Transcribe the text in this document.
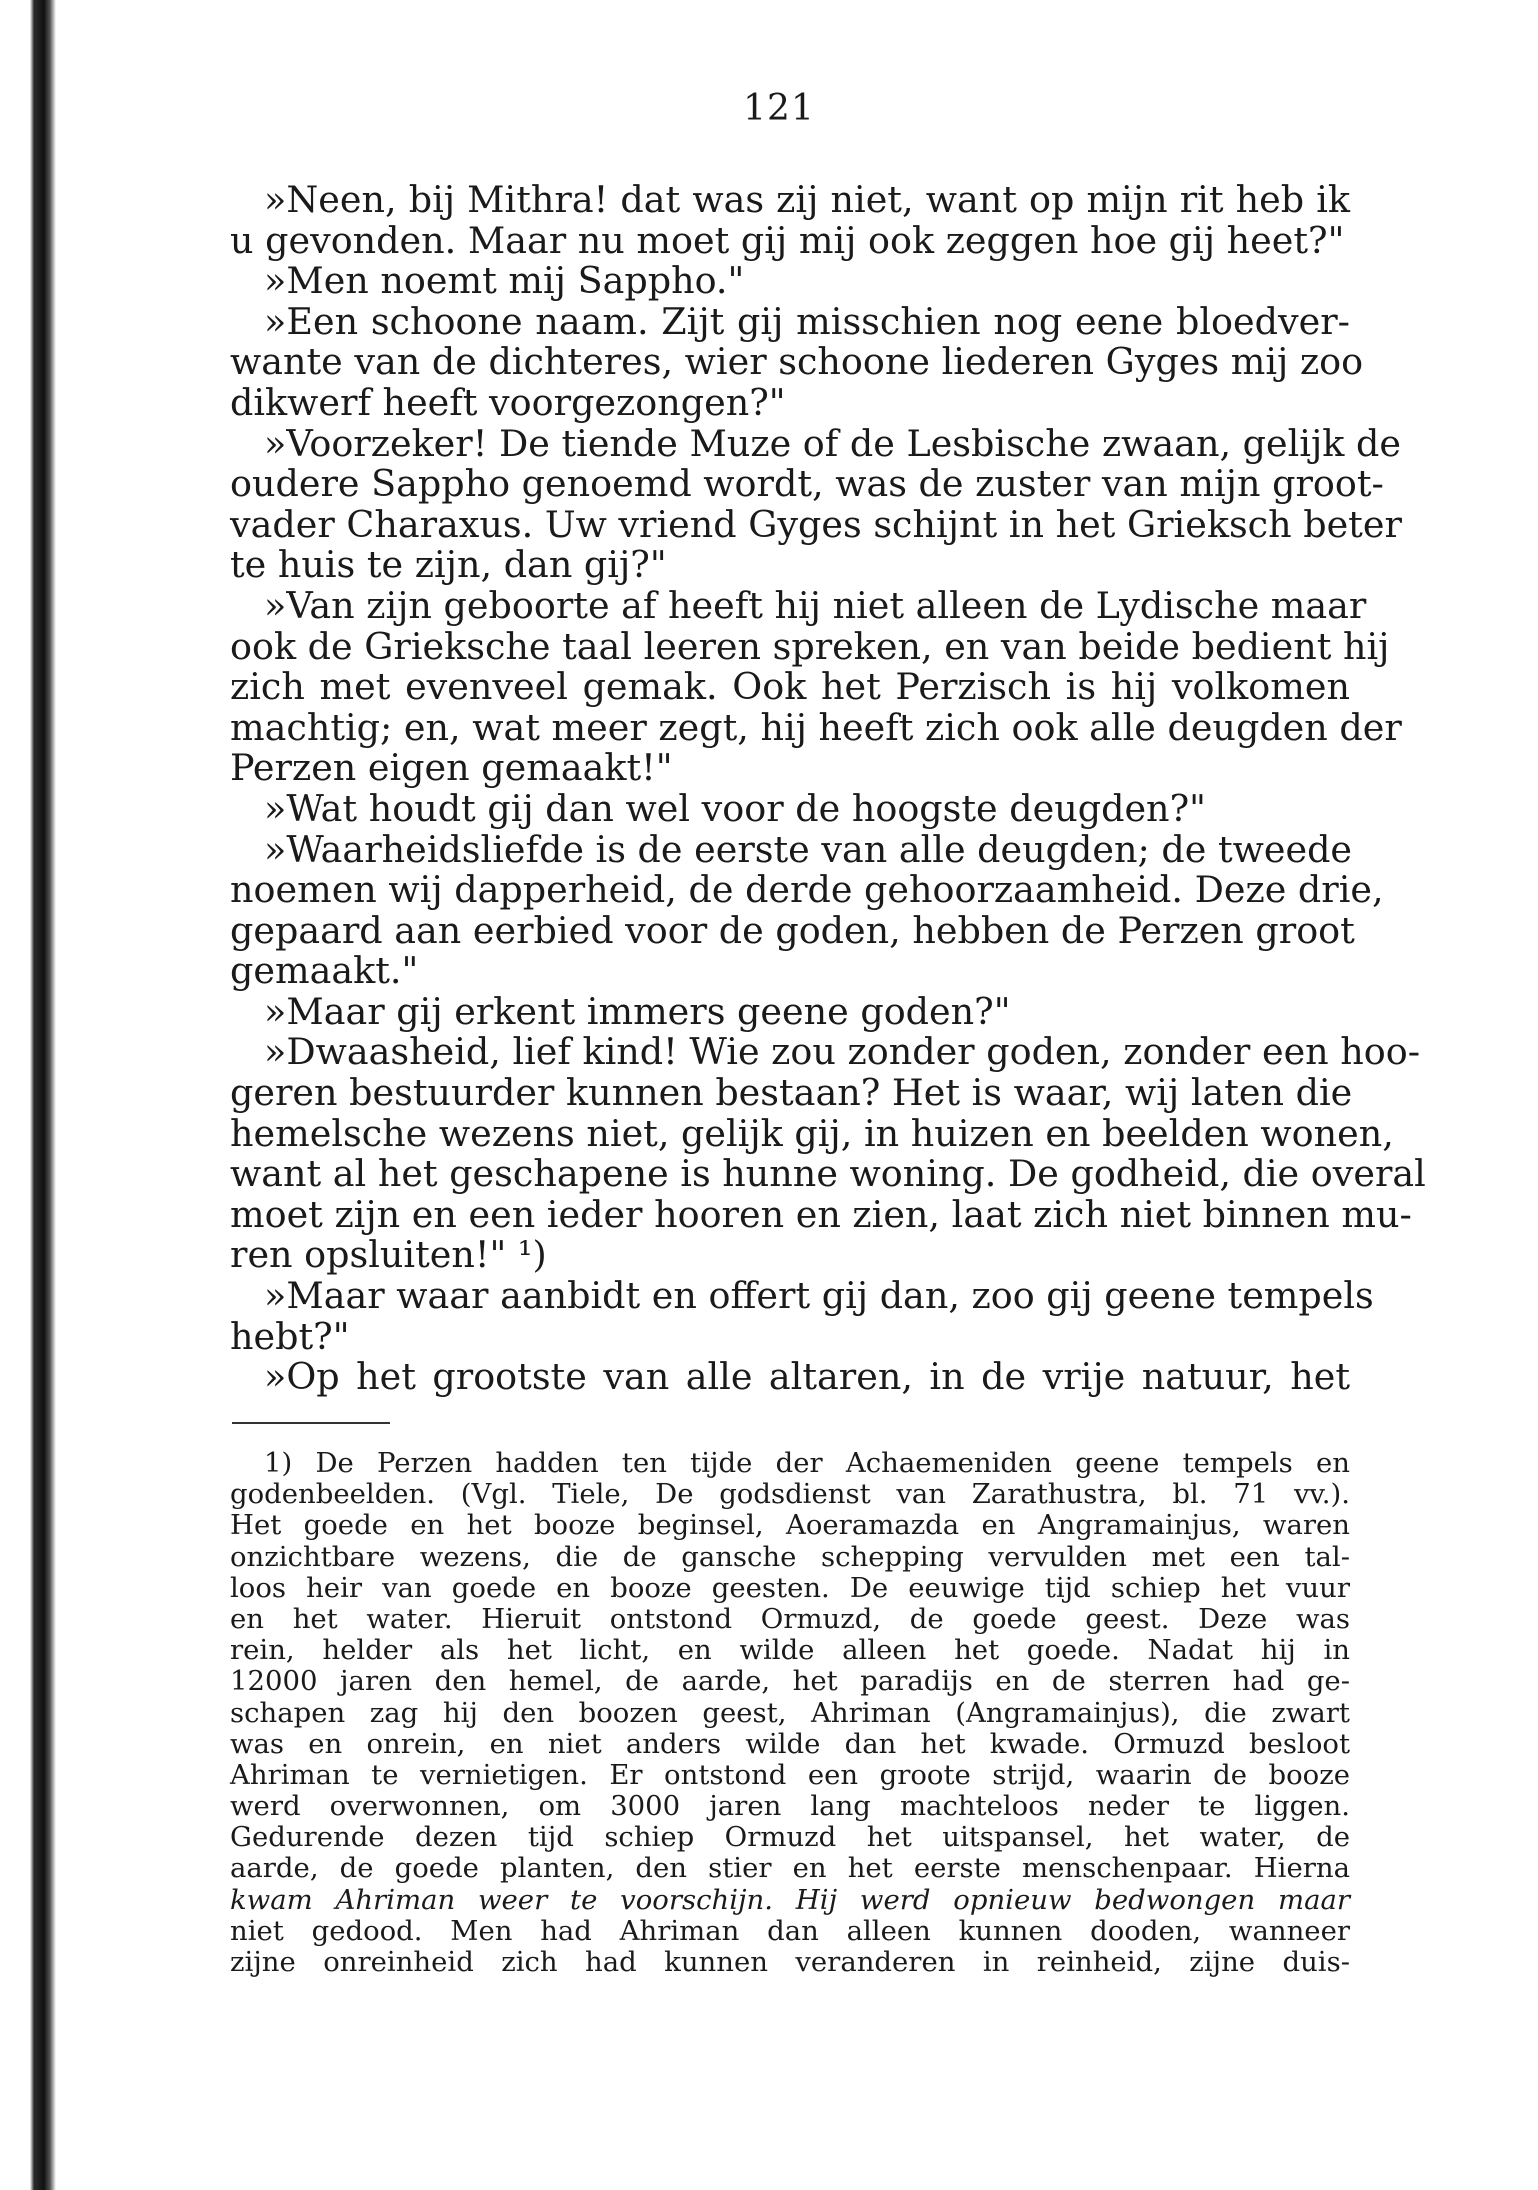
121
»Neen, bij Mithra! dat was zij niet, want op mijn rit heb ik
u gevonden. Maar nu moet gij mij ook zeggen hoe gij heet?"
»Men noemt mij Sappho."
»Een schoone naam. Zijt gij misschien nog eene bloedver-
wante van de dichteres, wier schoone liederen Gyges mij zoo
dikwerf heeft voorgezongen?"
»Voorzeker! De tiende Muze of de Lesbische zwaan, gelijk de
oudere Sappho genoemd wordt, was de zuster van mijn groot-
vader Charaxus. Uw vriend Gyges schijnt in het Grieksch beter
te huis te zijn, dan gij?"
»Van zijn geboorte af heeft hij niet alleen de Lydische maar
ook de Grieksche taal leeren spreken, en van beide bedient hij
zich met evenveel gemak. Ook het Perzisch is hij volkomen
machtig; en, wat meer zegt, hij heeft zich ook alle deugden der
Perzen eigen gemaakt!"
»Wat houdt gij dan wel voor de hoogste deugden?"
»Waarheidsliefde is de eerste van alle deugden; de tweede
noemen wij dapperheid, de derde gehoorzaamheid. Deze drie,
gepaard aan eerbied voor de goden, hebben de Perzen groot
gemaakt."
»Maar gij erkent immers geene goden?"
»Dwaasheid, lief kind! Wie zou zonder goden, zonder een hoo-
geren bestuurder kunnen bestaan? Het is waar, wij laten die
hemelsche wezens niet, gelijk gij, in huizen en beelden wonen,
want al het geschapene is hunne woning. De godheid, die overal
moet zijn en een ieder hooren en zien, laat zich niet binnen mu-
ren opsluiten!" ¹)
»Maar waar aanbidt en offert gij dan, zoo gij geene tempels
hebt?"
»Op het grootste van alle altaren, in de vrije natuur, het
1) De Perzen hadden ten tijde der Achaemeniden geene tempels en
godenbeelden. (Vgl. Tiele, De godsdienst van Zarathustra, bl. 71 vv.).
Het goede en het booze beginsel, Aoeramazda en Angramainjus, waren
onzichtbare wezens, die de gansche schepping vervulden met een tal-
loos heir van goede en booze geesten. De eeuwige tijd schiep het vuur
en het water. Hieruit ontstond Ormuzd, de goede geest. Deze was
rein, helder als het licht, en wilde alleen het goede. Nadat hij in
12000 jaren den hemel, de aarde, het paradijs en de sterren had ge-
schapen zag hij den boozen geest, Ahriman (Angramainjus), die zwart
was en onrein, en niet anders wilde dan het kwade. Ormuzd besloot
Ahriman te vernietigen. Er ontstond een groote strijd, waarin de booze
werd overwonnen, om 3000 jaren lang machteloos neder te liggen.
Gedurende dezen tijd schiep Ormuzd het uitspansel, het water, de
aarde, de goede planten, den stier en het eerste menschenpaar. Hierna
kwam Ahriman weer te voorschijn. Hij werd opnieuw bedwongen maar
niet gedood. Men had Ahriman dan alleen kunnen dooden, wanneer
zijne onreinheid zich had kunnen veranderen in reinheid, zijne duis-
